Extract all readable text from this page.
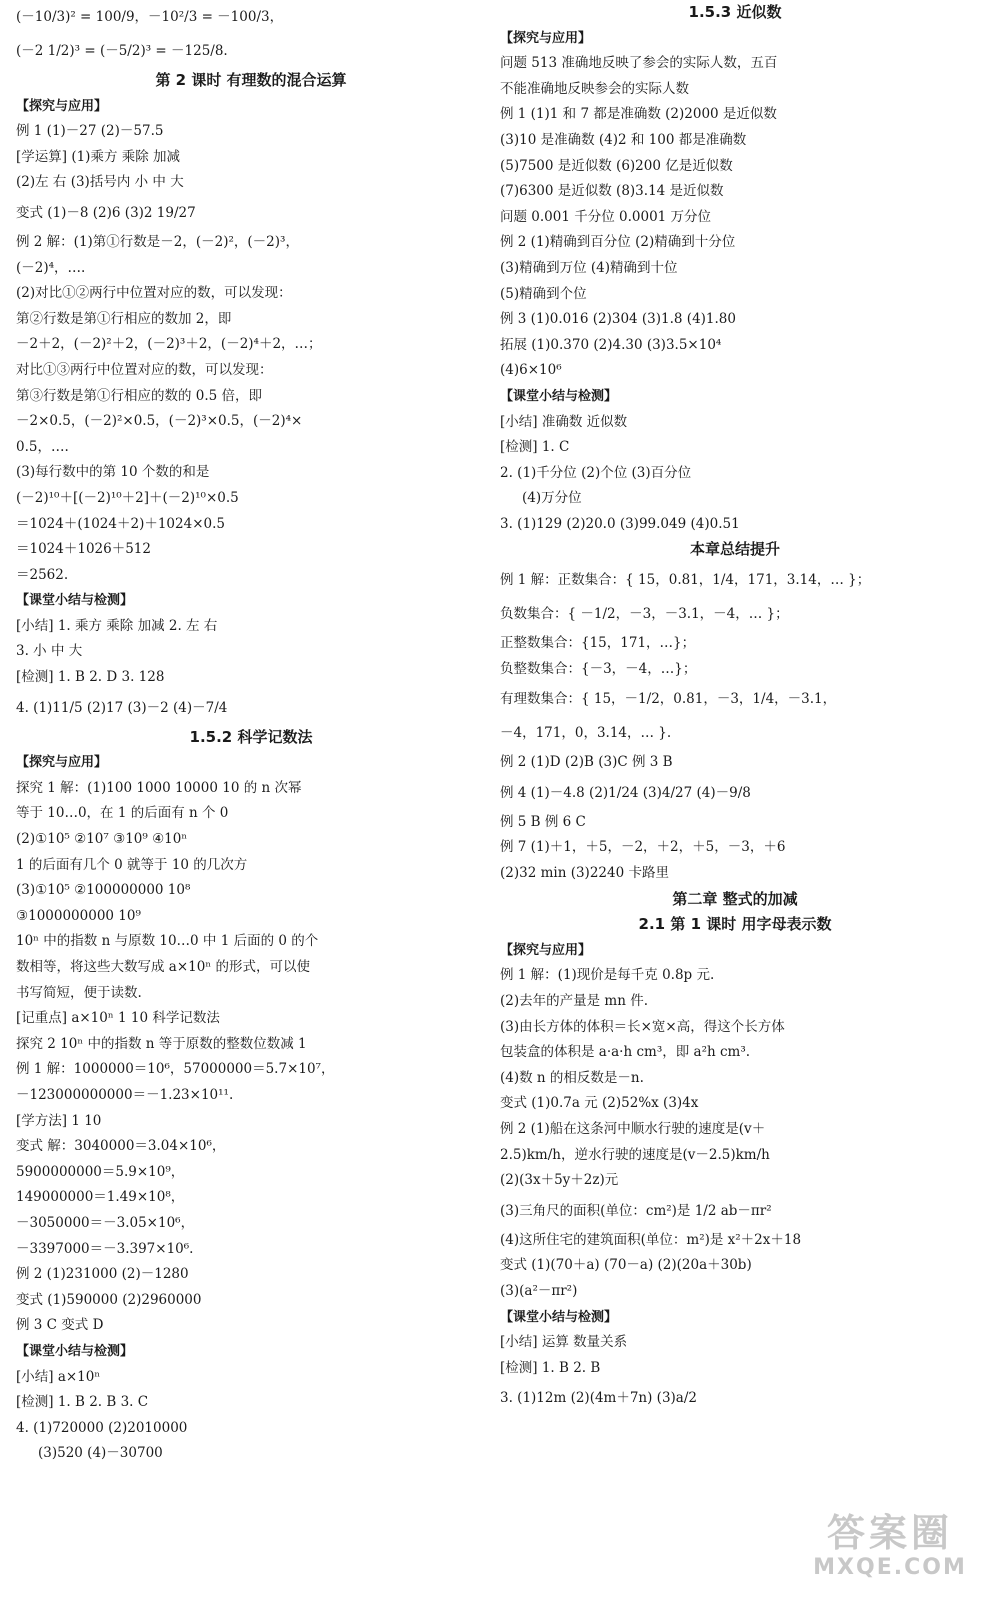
(－10/3)² = 100/9，－10²/3 = －100/3，
(－2 1/2)³ = (－5/2)³ = －125/8.
第 2 课时 有理数的混合运算
【探究与应用】
例 1 (1)－27 (2)－57.5
[学运算] (1)乘方 乘除 加减
(2)左 右 (3)括号内 小 中 大
变式 (1)－8 (2)6 (3)2 19/27
例 2 解：(1)第①行数是－2，(－2)²，(－2)³，
(－2)⁴，….
(2)对比①②两行中位置对应的数，可以发现：
第②行数是第①行相应的数加 2，即
－2＋2，(－2)²＋2，(－2)³＋2，(－2)⁴＋2，…；
对比①③两行中位置对应的数，可以发现：
第③行数是第①行相应的数的 0.5 倍，即
－2×0.5，(－2)²×0.5，(－2)³×0.5，(－2)⁴×
0.5，….
(3)每行数中的第 10 个数的和是
(－2)¹⁰＋[(－2)¹⁰＋2]＋(－2)¹⁰×0.5
＝1024＋(1024＋2)＋1024×0.5
＝1024＋1026＋512
＝2562.
【课堂小结与检测】
[小结] 1. 乘方 乘除 加减 2. 左 右
3. 小 中 大
[检测] 1. B 2. D 3. 128
4. (1)11/5 (2)17 (3)－2 (4)－7/4
1.5.2 科学记数法
【探究与应用】
探究 1 解：(1)100 1000 10000 10 的 n 次幂
等于 10…0，在 1 的后面有 n 个 0
(2)①10⁵ ②10⁷ ③10⁹ ④10ⁿ
1 的后面有几个 0 就等于 10 的几次方
(3)①10⁵ ②100000000 10⁸
③1000000000 10⁹
10ⁿ 中的指数 n 与原数 10…0 中 1 后面的 0 的个
数相等，将这些大数写成 a×10ⁿ 的形式，可以使
书写简短，便于读数.
[记重点] a×10ⁿ 1 10 科学记数法
探究 2 10ⁿ 中的指数 n 等于原数的整数位数减 1
例 1 解：1000000＝10⁶，57000000＝5.7×10⁷，
－123000000000＝－1.23×10¹¹.
[学方法] 1 10
变式 解：3040000＝3.04×10⁶，
5900000000＝5.9×10⁹，
149000000＝1.49×10⁸，
－3050000＝－3.05×10⁶，
－3397000＝－3.397×10⁶.
例 2 (1)231000 (2)－1280
变式 (1)590000 (2)2960000
例 3 C 变式 D
【课堂小结与检测】
[小结] a×10ⁿ
[检测] 1. B 2. B 3. C
4. (1)720000 (2)2010000
(3)520 (4)－30700
1.5.3 近似数
【探究与应用】
问题 513 准确地反映了参会的实际人数，五百
不能准确地反映参会的实际人数
例 1 (1)1 和 7 都是准确数 (2)2000 是近似数
(3)10 是准确数 (4)2 和 100 都是准确数
(5)7500 是近似数 (6)200 亿是近似数
(7)6300 是近似数 (8)3.14 是近似数
问题 0.001 千分位 0.0001 万分位
例 2 (1)精确到百分位 (2)精确到十分位
(3)精确到万位 (4)精确到十位
(5)精确到个位
例 3 (1)0.016 (2)304 (3)1.8 (4)1.80
拓展 (1)0.370 (2)4.30 (3)3.5×10⁴
(4)6×10⁶
【课堂小结与检测】
[小结] 准确数 近似数
[检测] 1. C
2. (1)千分位 (2)个位 (3)百分位
(4)万分位
3. (1)129 (2)20.0 (3)99.049 (4)0.51
本章总结提升
例 1 解：正数集合：{ 15，0.81，1/4，171，3.14，… }；
负数集合：{ －1/2，－3，－3.1，－4，… }；
正整数集合：{15，171，…}；
负整数集合：{－3，－4，…}；
有理数集合：{ 15，－1/2，0.81，－3，1/4，－3.1，
－4，171，0，3.14，… }.
例 2 (1)D (2)B (3)C 例 3 B
例 4 (1)－4.8 (2)1/24 (3)4/27 (4)－9/8
例 5 B 例 6 C
例 7 (1)＋1，＋5，－2，＋2，＋5，－3，＋6
(2)32 min (3)2240 卡路里
第二章 整式的加减
2.1 第 1 课时 用字母表示数
【探究与应用】
例 1 解：(1)现价是每千克 0.8p 元.
(2)去年的产量是 mn 件.
(3)由长方体的体积＝长×宽×高，得这个长方体
包装盒的体积是 a·a·h cm³，即 a²h cm³.
(4)数 n 的相反数是－n.
变式 (1)0.7a 元 (2)52%x (3)4x
例 2 (1)船在这条河中顺水行驶的速度是(v＋
2.5)km/h，逆水行驶的速度是(v－2.5)km/h
(2)(3x＋5y＋2z)元
(3)三角尺的面积(单位：cm²)是 1/2 ab－πr²
(4)这所住宅的建筑面积(单位：m²)是 x²＋2x＋18
变式 (1)(70＋a) (70－a) (2)(20a＋30b)
(3)(a²－πr²)
【课堂小结与检测】
[小结] 运算 数量关系
[检测] 1. B 2. B
3. (1)12m (2)(4m＋7n) (3)a/2
答案圈
MXQE.COM
